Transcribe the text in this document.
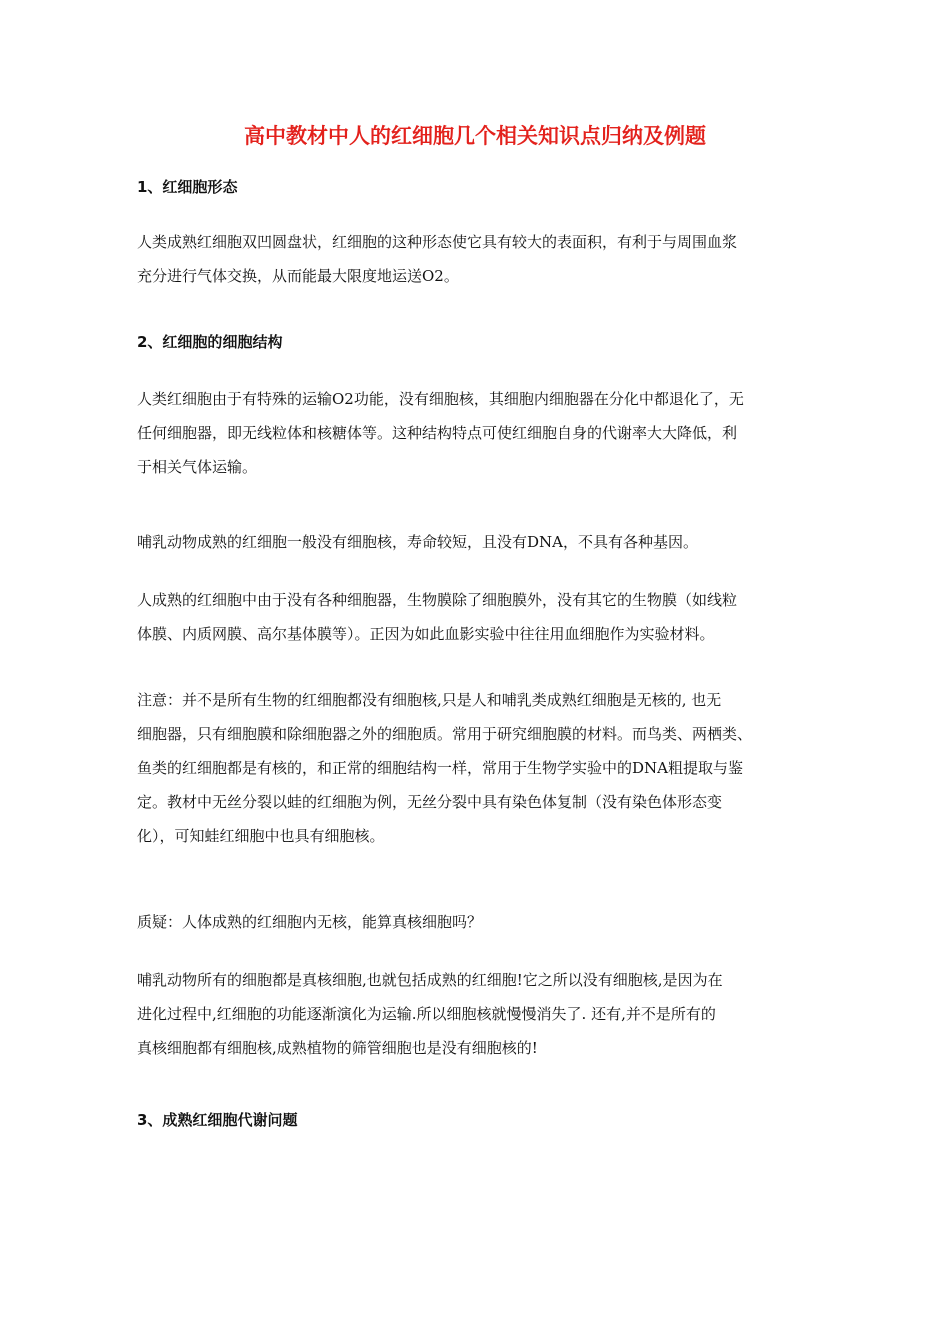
高中教材中人的红细胞几个相关知识点归纳及例题
1、红细胞形态

人类成熟红细胞双凹圆盘状，红细胞的这种形态使它具有较大的表面积，有利于与周围血浆
充分进行气体交换，从而能最大限度地运送O2。

2、红细胞的细胞结构

人类红细胞由于有特殊的运输O2功能，没有细胞核，其细胞内细胞器在分化中都退化了，无
任何细胞器，即无线粒体和核糖体等。这种结构特点可使红细胞自身的代谢率大大降低，利
于相关气体运输。

哺乳动物成熟的红细胞一般没有细胞核，寿命较短，且没有DNA，不具有各种基因。

人成熟的红细胞中由于没有各种细胞器，生物膜除了细胞膜外，没有其它的生物膜（如线粒
体膜、内质网膜、高尔基体膜等）。正因为如此血影实验中往往用血细胞作为实验材料。

注意：并不是所有生物的红细胞都没有细胞核,只是人和哺乳类成熟红细胞是无核的, 也无
细胞器，只有细胞膜和除细胞器之外的细胞质。常用于研究细胞膜的材料。而鸟类、两栖类、
鱼类的红细胞都是有核的，和正常的细胞结构一样，常用于生物学实验中的DNA粗提取与鉴
定。教材中无丝分裂以蛙的红细胞为例，无丝分裂中具有染色体复制（没有染色体形态变
化），可知蛙红细胞中也具有细胞核。

质疑：人体成熟的红细胞内无核，能算真核细胞吗？

哺乳动物所有的细胞都是真核细胞,也就包括成熟的红细胞!它之所以没有细胞核,是因为在
进化过程中,红细胞的功能逐渐演化为运输.所以细胞核就慢慢消失了. 还有,并不是所有的
真核细胞都有细胞核,成熟植物的筛管细胞也是没有细胞核的!

3、成熟红细胞代谢问题
